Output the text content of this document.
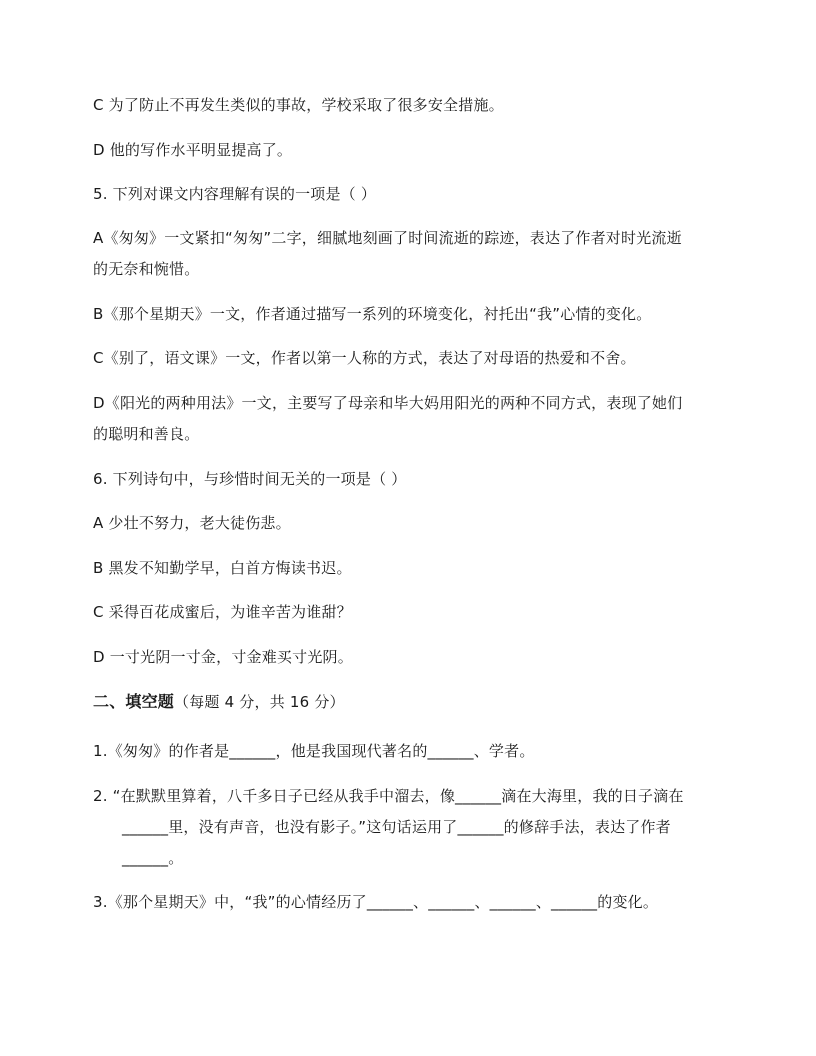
C 为了防止不再发生类似的事故，学校采取了很多安全措施。
D 他的写作水平明显提高了。
5. 下列对课文内容理解有误的一项是（ ）
A《匆匆》一文紧扣“匆匆”二字，细腻地刻画了时间流逝的踪迹，表达了作者对时光流逝
的无奈和惋惜。
B《那个星期天》一文，作者通过描写一系列的环境变化，衬托出“我”心情的变化。
C《别了，语文课》一文，作者以第一人称的方式，表达了对母语的热爱和不舍。
D《阳光的两种用法》一文，主要写了母亲和毕大妈用阳光的两种不同方式，表现了她们
的聪明和善良。
6. 下列诗句中，与珍惜时间无关的一项是（ ）
A 少壮不努力，老大徒伤悲。
B 黑发不知勤学早，白首方悔读书迟。
C 采得百花成蜜后，为谁辛苦为谁甜？
D 一寸光阴一寸金，寸金难买寸光阴。
二、填空题（每题 4 分，共 16 分）
1.《匆匆》的作者是______，他是我国现代著名的______、学者。
2. “在默默里算着，八千多日子已经从我手中溜去，像______滴在大海里，我的日子滴在
______里，没有声音，也没有影子。”这句话运用了______的修辞手法，表达了作者
______。
3.《那个星期天》中，“我”的心情经历了______、______、______、______的变化。
